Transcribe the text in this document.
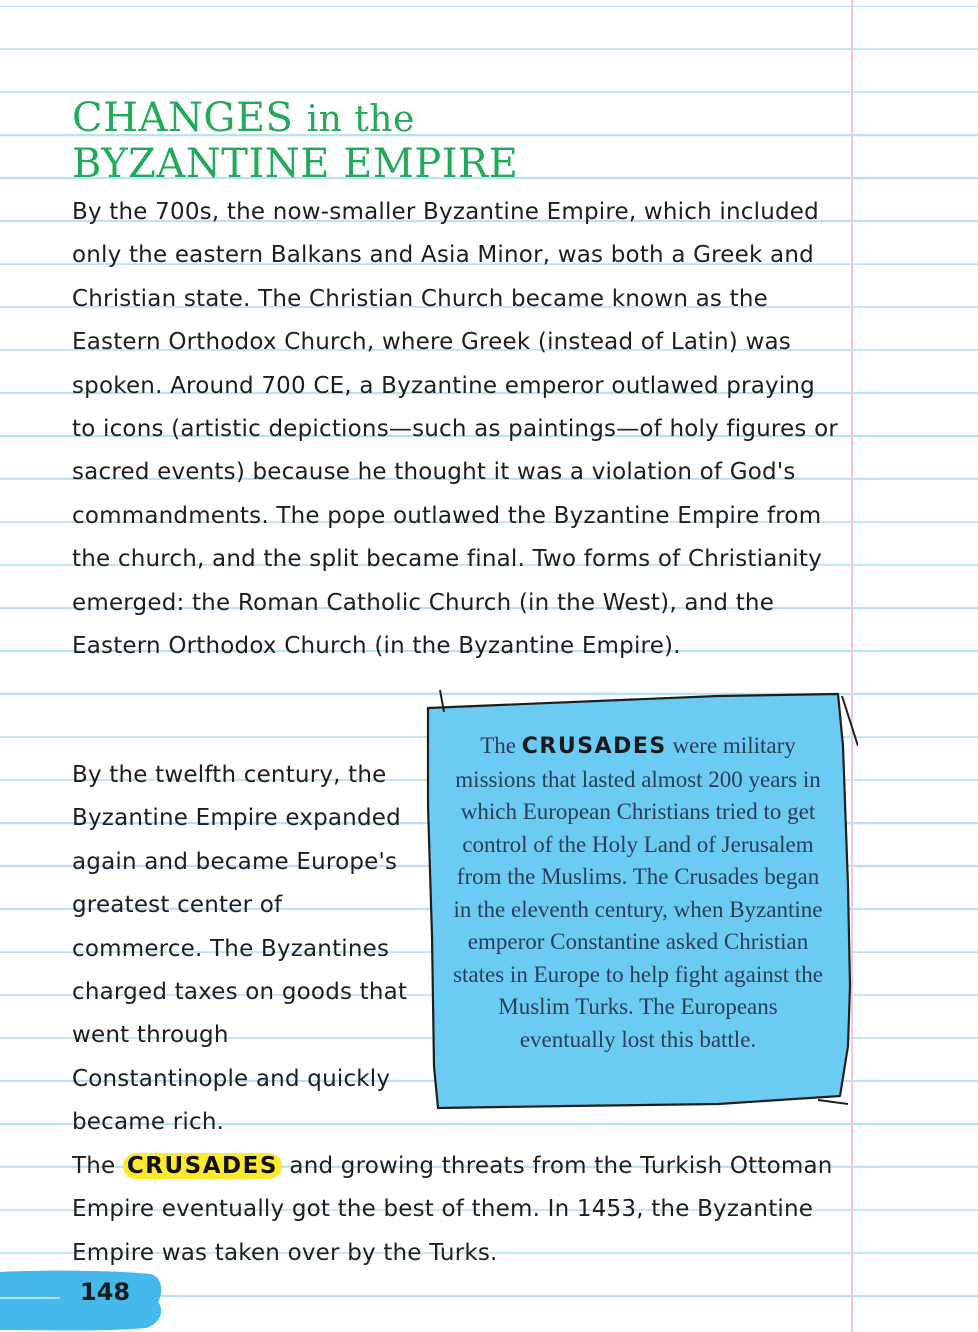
CHANGES in the
BYZANTINE EMPIRE

By the 700s, the now-smaller Byzantine Empire, which included only the eastern Balkans and Asia Minor, was both a Greek and Christian state. The Christian Church became known as the Eastern Orthodox Church, where Greek (instead of Latin) was spoken. Around 700 CE, a Byzantine emperor outlawed praying to icons (artistic depictions—such as paintings—of holy figures or sacred events) because he thought it was a violation of God's commandments. The pope outlawed the Byzantine Empire from the church, and the split became final. Two forms of Christianity emerged: the Roman Catholic Church (in the West), and the Eastern Orthodox Church (in the Byzantine Empire).

By the twelfth century, the Byzantine Empire expanded again and became Europe's greatest center of commerce. The Byzantines charged taxes on goods that went through Constantinople and quickly became rich.

The CRUSADES were military missions that lasted almost 200 years in which European Christians tried to get control of the Holy Land of Jerusalem from the Muslims. The Crusades began in the eleventh century, when Byzantine emperor Constantine asked Christian states in Europe to help fight against the Muslim Turks. The Europeans eventually lost this battle.

The CRUSADES and growing threats from the Turkish Ottoman Empire eventually got the best of them. In 1453, the Byzantine Empire was taken over by the Turks.

148
